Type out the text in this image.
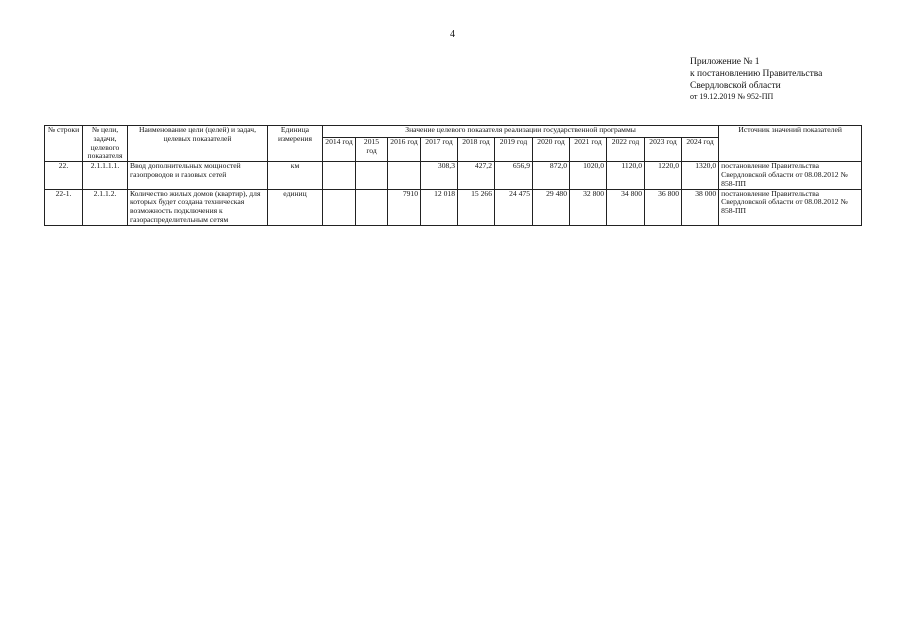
4
Приложение № 1
к постановлению Правительства
Свердловской области
от 19.12.2019 № 952-ПП
№ строки	№ цели, задачи, целевого показателя	Наименование цели (целей) и задач, целевых показателей	Единица измерения	Значение целевого показателя реализации государственной программы											Источник значений показателей
				2014 год	2015 год	2016 год	2017 год	2018 год	2019 год	2020 год	2021 год	2022 год	2023 год	2024 год	
22.	2.1.1.1.1.	Ввод дополнительных мощностей газопроводов и газовых сетей	км				308,3	427,2	656,9	872,0	1020,0	1120,0	1220,0	1320,0	постановление Правительства Свердловской области от 08.08.2012 № 858-ПП
22-1.	2.1.1.2.	Количество жилых домов (квартир), для которых будет создана техническая возможность подключения к газораспределительным сетям	единиц			7910	12 018	15 266	24 475	29 480	32 800	34 800	36 800	38 000	постановление Правительства Свердловской области от 08.08.2012 № 858-ПП
